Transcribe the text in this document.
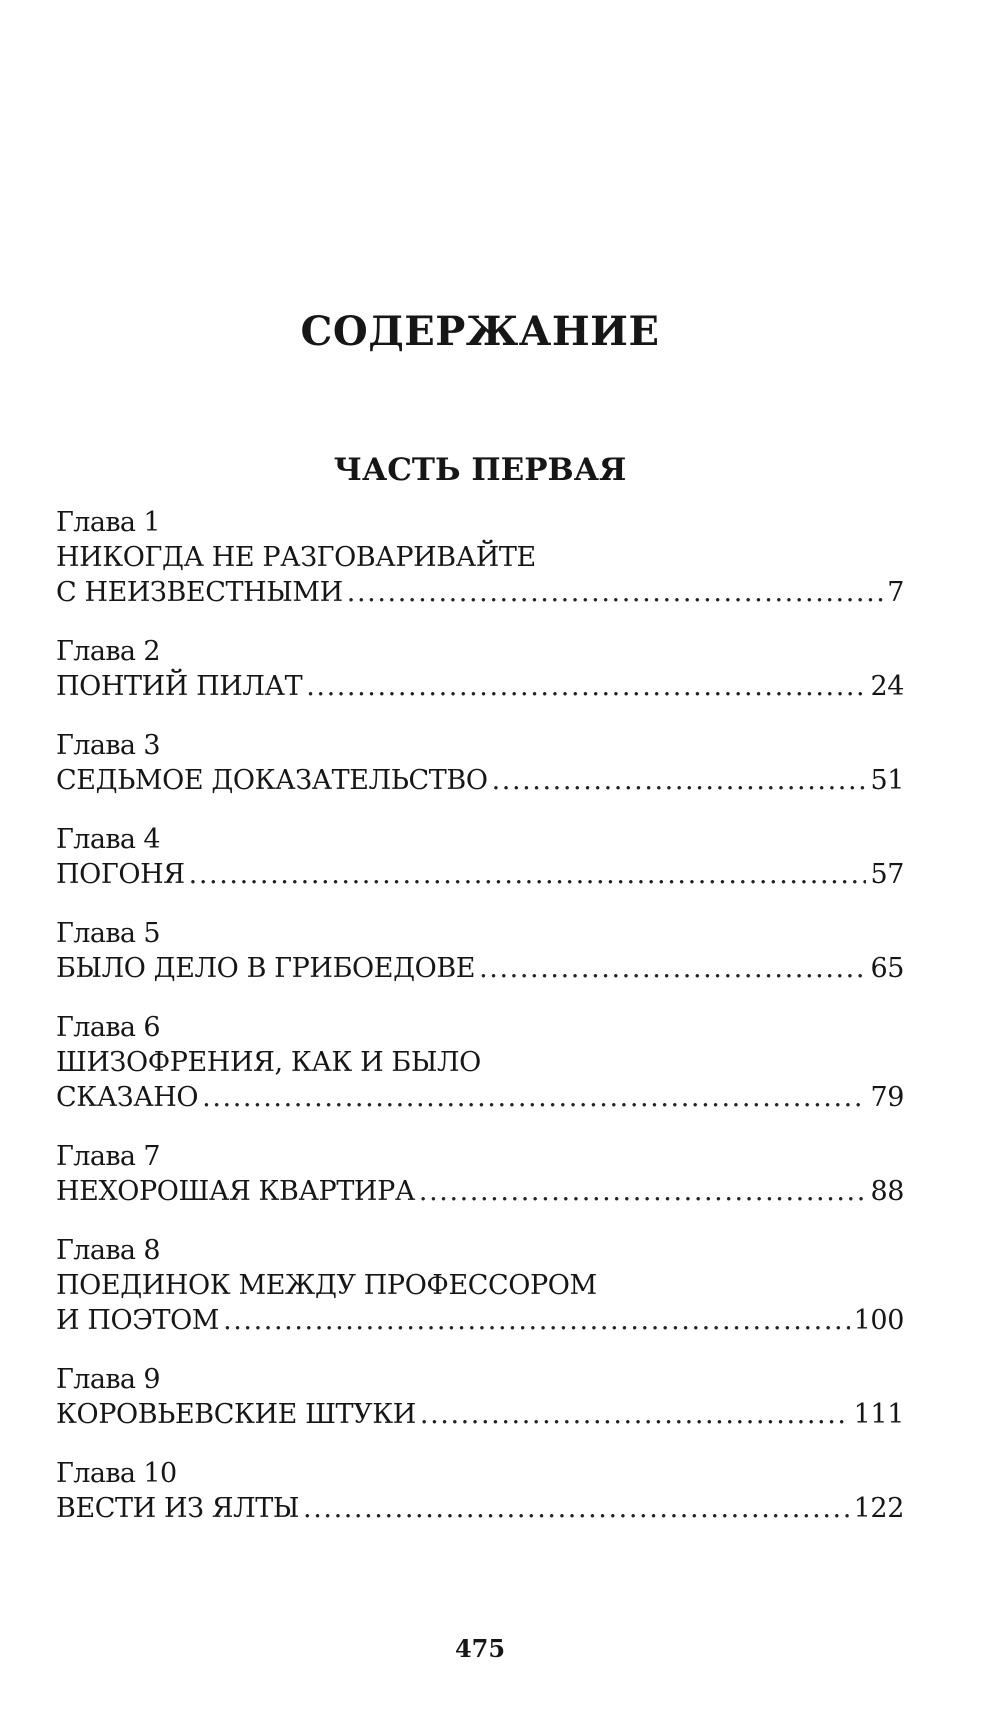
СОДЕРЖАНИЕ
ЧАСТЬ ПЕРВАЯ
Глава 1
НИКОГДА НЕ РАЗГОВАРИВАЙТЕ
С НЕИЗВЕСТНЫМИ .....	7
Глава 2
ПОНТИЙ ПИЛАТ .....	24
Глава 3
СЕДЬМОЕ ДОКАЗАТЕЛЬСТВО .....	51
Глава 4
ПОГОНЯ .....	57
Глава 5
БЫЛО ДЕЛО В ГРИБОЕДОВЕ .....	65
Глава 6
ШИЗОФРЕНИЯ, КАК И БЫЛО
СКАЗАНО .....	79
Глава 7
НЕХОРОШАЯ КВАРТИРА .....	88
Глава 8
ПОЕДИНОК МЕЖДУ ПРОФЕССОРОМ
И ПОЭТОМ .....	100
Глава 9
КОРОВЬЕВСКИЕ ШТУКИ .....	111
Глава 10
ВЕСТИ ИЗ ЯЛТЫ .....	122
475
